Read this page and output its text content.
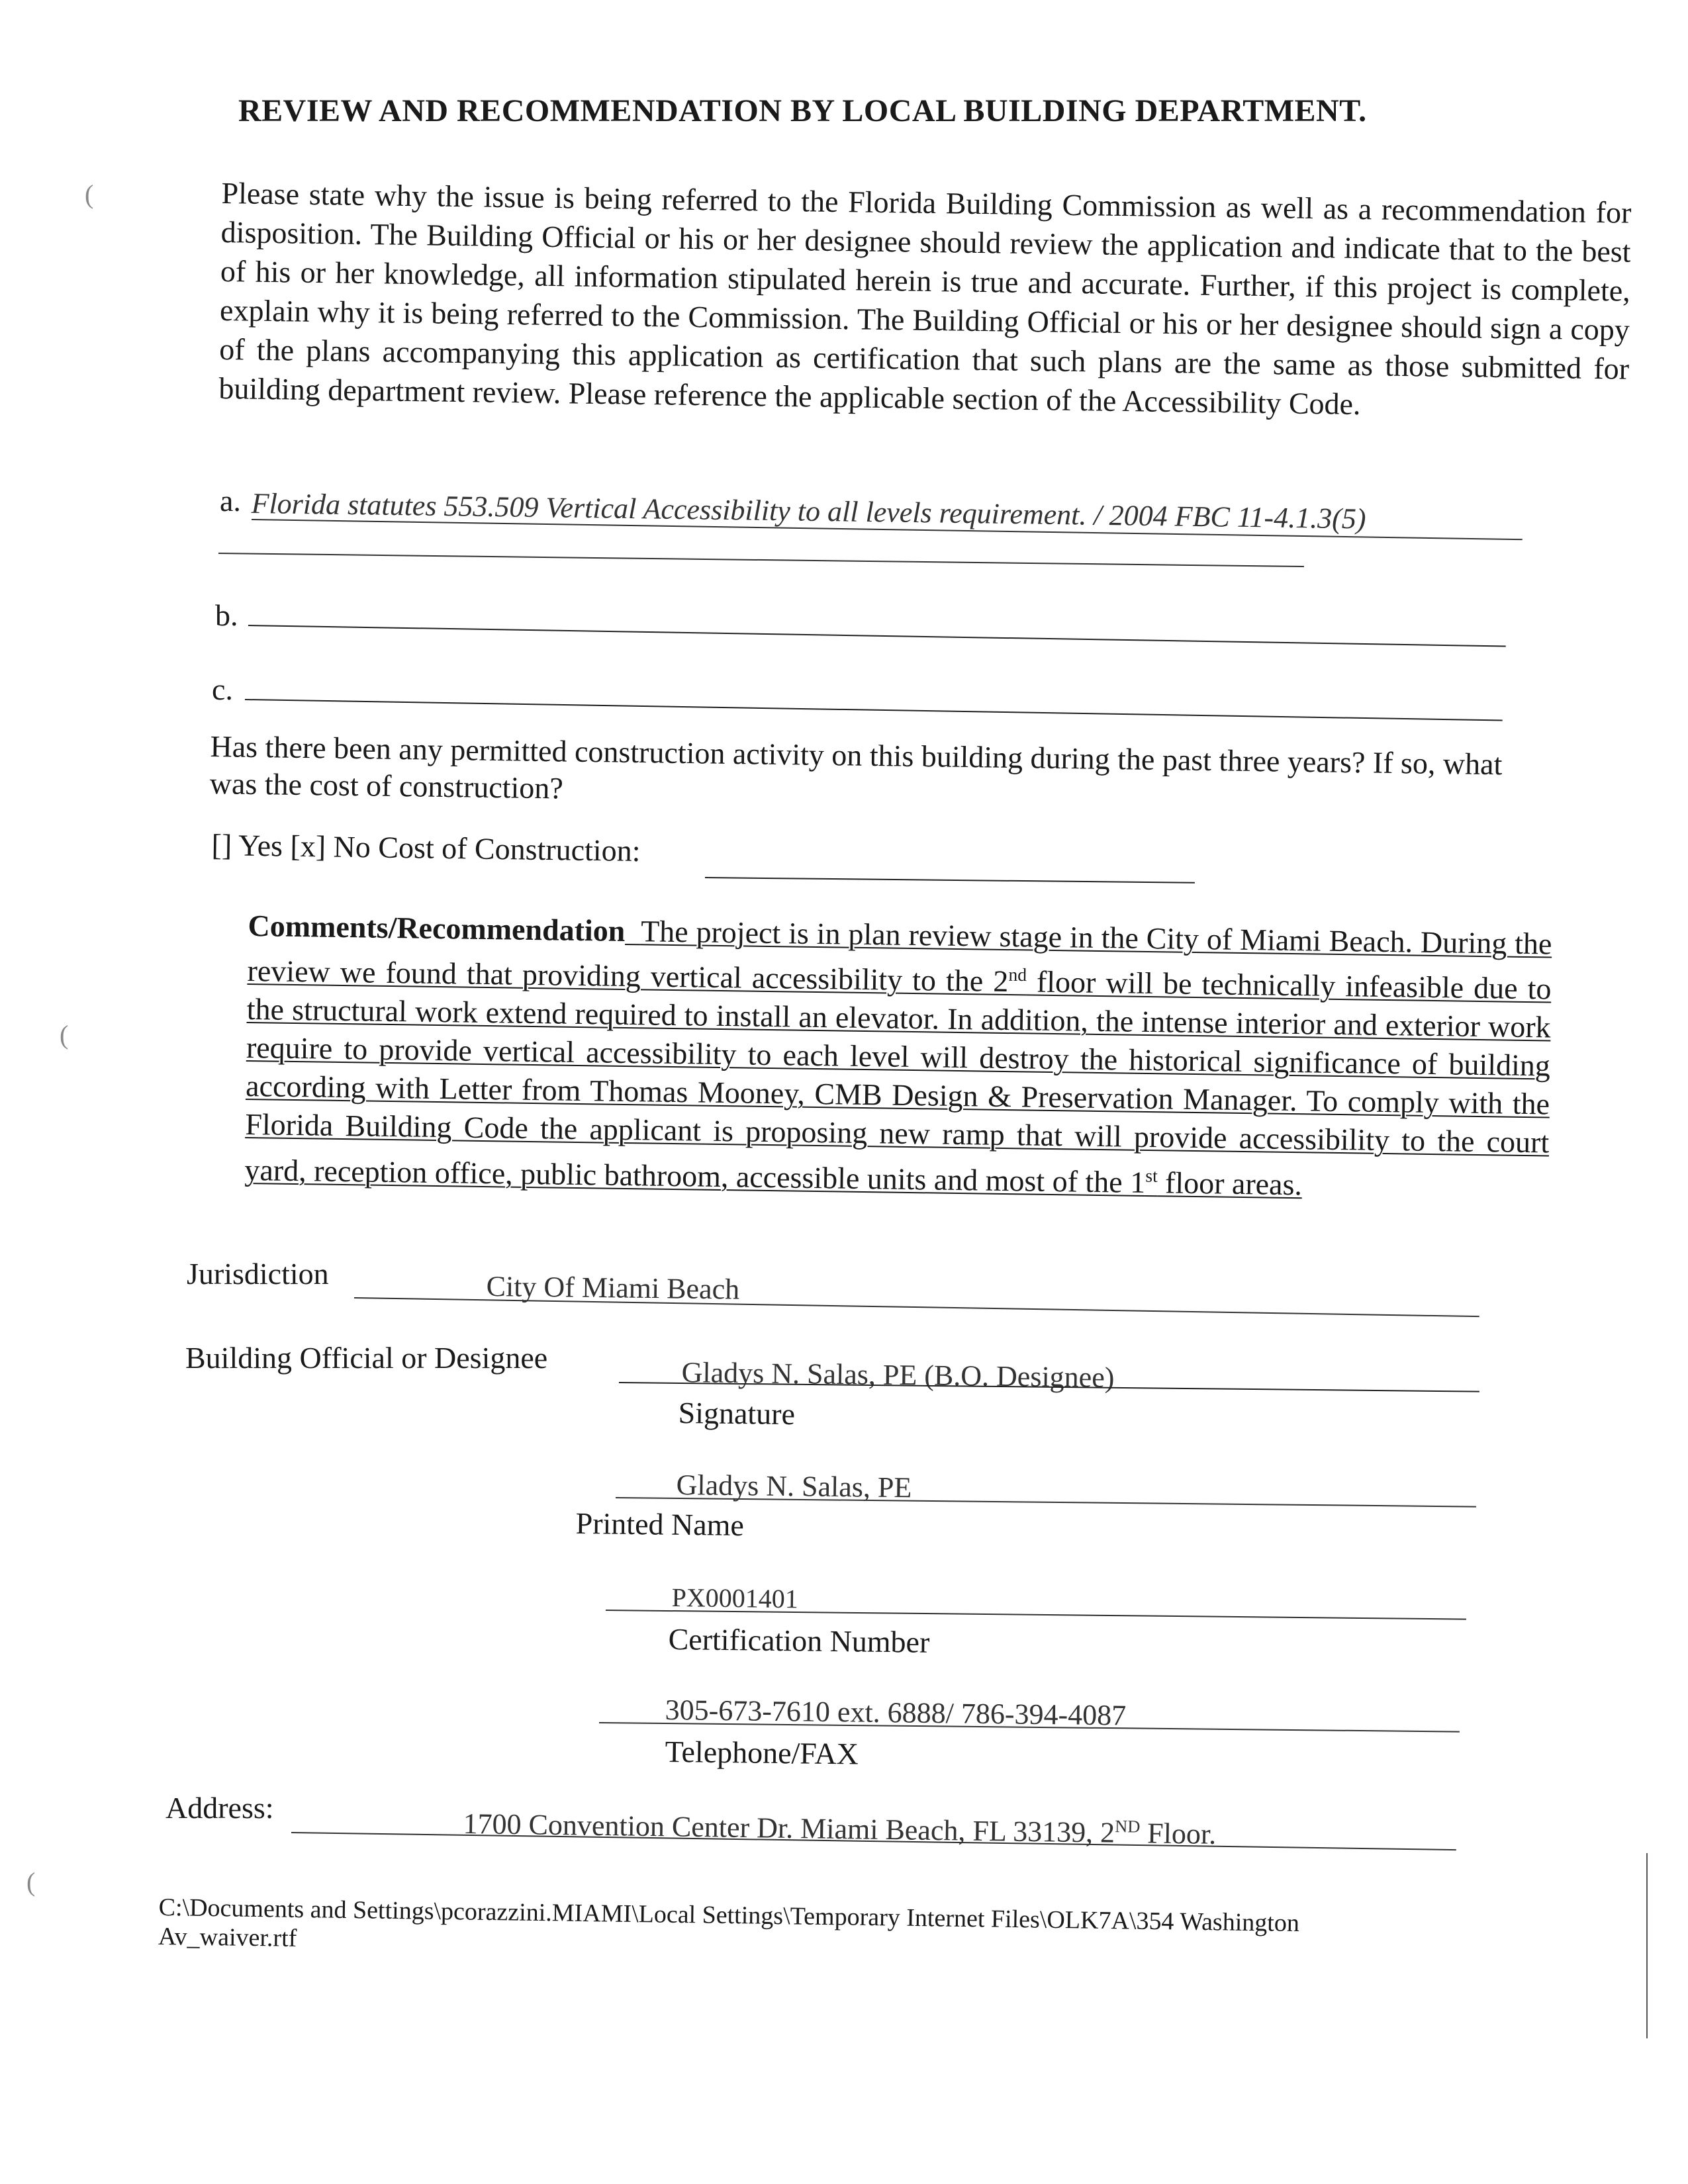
(
(
(
REVIEW AND RECOMMENDATION BY LOCAL BUILDING DEPARTMENT.
Please state why the issue is being referred to the Florida Building Commission as well as a recommendation for disposition. The Building Official or his or her designee should review the application and indicate that to the best of his or her knowledge, all information stipulated herein is true and accurate. Further, if this project is complete, explain why it is being referred to the Commission. The Building Official or his or her designee should sign a copy of the plans accompanying this application as certification that such plans are the same as those submitted for building department review. Please reference the applicable section of the Accessibility Code.
a. Florida statutes 553.509 Vertical Accessibility to all levels requirement. / 2004 FBC 11-4.1.3(5)
b.
c.
Has there been any permitted construction activity on this building during the past three years? If so, what was the cost of construction?
[] Yes [x] No Cost of Construction:
Comments/Recommendation The project is in plan review stage in the City of Miami Beach. During the review we found that providing vertical accessibility to the 2nd floor will be technically infeasible due to the structural work extend required to install an elevator. In addition, the intense interior and exterior work require to provide vertical accessibility to each level will destroy the historical significance of building according with Letter from Thomas Mooney, CMB Design & Preservation Manager. To comply with the Florida Building Code the applicant is proposing new ramp that will provide accessibility to the court yard, reception office, public bathroom, accessible units and most of the 1st floor areas.
Jurisdiction	City Of Miami Beach
Building Official or Designee	Gladys N. Salas, PE (B.O. Designee)
Signature
Gladys N. Salas, PE
Printed Name
PX0001401
Certification Number
305-673-7610 ext. 6888/ 786-394-4087
Telephone/FAX
Address:	1700 Convention Center Dr. Miami Beach, FL 33139, 2ND Floor.
C:\Documents and Settings\pcorazzini.MIAMI\Local Settings\Temporary Internet Files\OLK7A\354 Washington Av_waiver.rtf
